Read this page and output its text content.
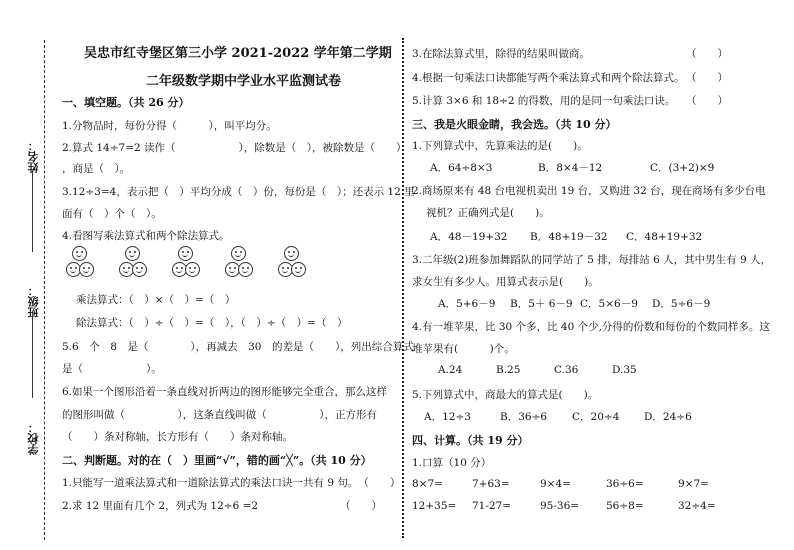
姓名：
班级：
学校：
吴忠市红寺堡区第三小学 2021-2022 学年第二学期
二年级数学期中学业水平监测试卷
一、填空题。（共 26 分）
1.分物品时，每份分得（　　　），叫平均分。
2.算式 14÷7=2 读作（　　　　　　），除数是（　），被除数是（　　）
，商是（　）。
3.12÷3=4，表示把（　）平均分成（　）份，每份是（　）；还表示 12 里
面有（　）个（　）。
4.看图写乘法算式和两个除法算式。
乘法算式：（　）×（　）=（　）
除法算式：（　）÷（　）=（　），（　）÷（　）=（　）
5.6　个　8　是（　　　　），再减去　30　的差是（　　），列出综合算式
是（　　　　　　）。
6.如果一个图形沿着一条直线对折两边的图形能够完全重合，那么这样
的图形叫做（　　　　　），这条直线叫做（　　　　　），正方形有
（　　）条对称轴，长方形有（　　）条对称轴。
二、判断题。对的在（　）里画“√”，错的画“╳”。（共 10 分）
1.只能写一道乘法算式和一道除法算式的乘法口诀一共有 9 句。　（　　）
2.求 12 里面有几个 2，列式为 12÷6 =2	（　　）
3.在除法算式里，除得的结果叫做商。	（　　）
4.根据一句乘法口诀都能写两个乘法算式和两个除法算式。 （　　）
5.计算 3×6 和 18÷2 的得数，用的是同一句乘法口诀。 （　　）
三、我是火眼金睛，我会选。（共 10 分）
1.下列算式中，先算乘法的是(　　)。
A．64÷8×3	B．8×4－12	C．(3+2)×9
2.商场原来有 48 台电视机卖出 19 台，又购进 32 台，现在商场有多少台电
视机？正确列式是(　　)。
A．48－19+32 B．48+19－32 C．48+19+32
3.二年级(2)班参加舞蹈队的同学站了 5 排，每排站 6 人，其中男生有 9 人，
求女生有多少人。用算式表示是(　　)。
A．5+6－9 B．5＋ 6－9 C．5×6－9 D．5÷6－9
4.有一堆苹果，比 30 个多，比 40 个少,分得的份数和每份的个数同样多。这
堆苹果有(　　　)个。
A.24	B.25	C.36	D.35
5.下列算式中，商最大的算式是(　　)。
A．12÷3	B．36÷6 C．20÷4 D．24÷6
四、计算。（共 19 分）
1.口算（10 分）
8×7=	7+63=	9×4=	36÷6=	9×7=
12+35= 71-27=	95-36=	56÷8=	32÷4=
